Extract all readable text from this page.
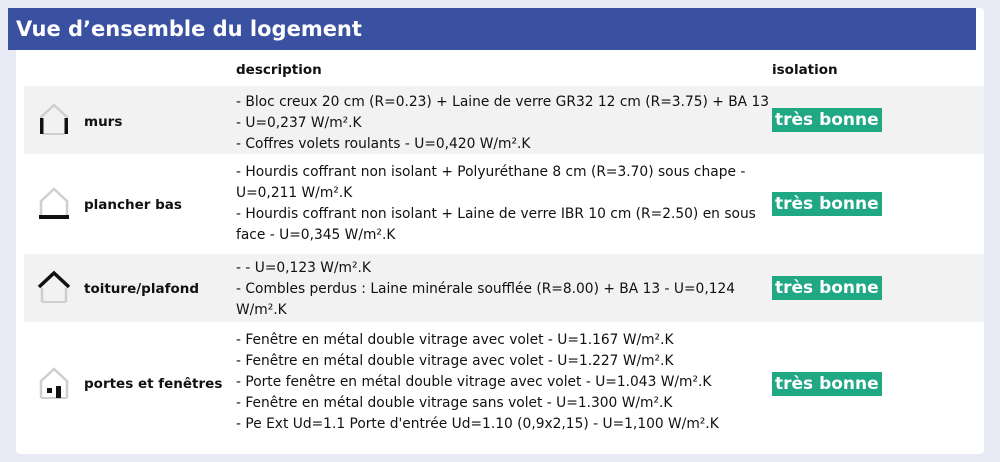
Vue d’ensemble du logement
description	isolation
murs
- Bloc creux 20 cm (R=0.23) + Laine de verre GR32 12 cm (R=3.75) + BA 13 - U=0,237 W/m².K
- Coffres volets roulants - U=0,420 W/m².K
très bonne
plancher bas
- Hourdis coffrant non isolant + Polyuréthane 8 cm (R=3.70) sous chape - U=0,211 W/m².K
- Hourdis coffrant non isolant + Laine de verre IBR 10 cm (R=2.50) en sous face - U=0,345 W/m².K
très bonne
toiture/plafond
- - U=0,123 W/m².K
- Combles perdus : Laine minérale soufflée (R=8.00) + BA 13 - U=0,124 W/m².K
très bonne
portes et fenêtres
- Fenêtre en métal double vitrage avec volet - U=1.167 W/m².K
- Fenêtre en métal double vitrage avec volet - U=1.227 W/m².K
- Porte fenêtre en métal double vitrage avec volet - U=1.043 W/m².K
- Fenêtre en métal double vitrage sans volet - U=1.300 W/m².K
- Pe Ext Ud=1.1 Porte d'entrée Ud=1.10 (0,9x2,15) - U=1,100 W/m².K
très bonne
